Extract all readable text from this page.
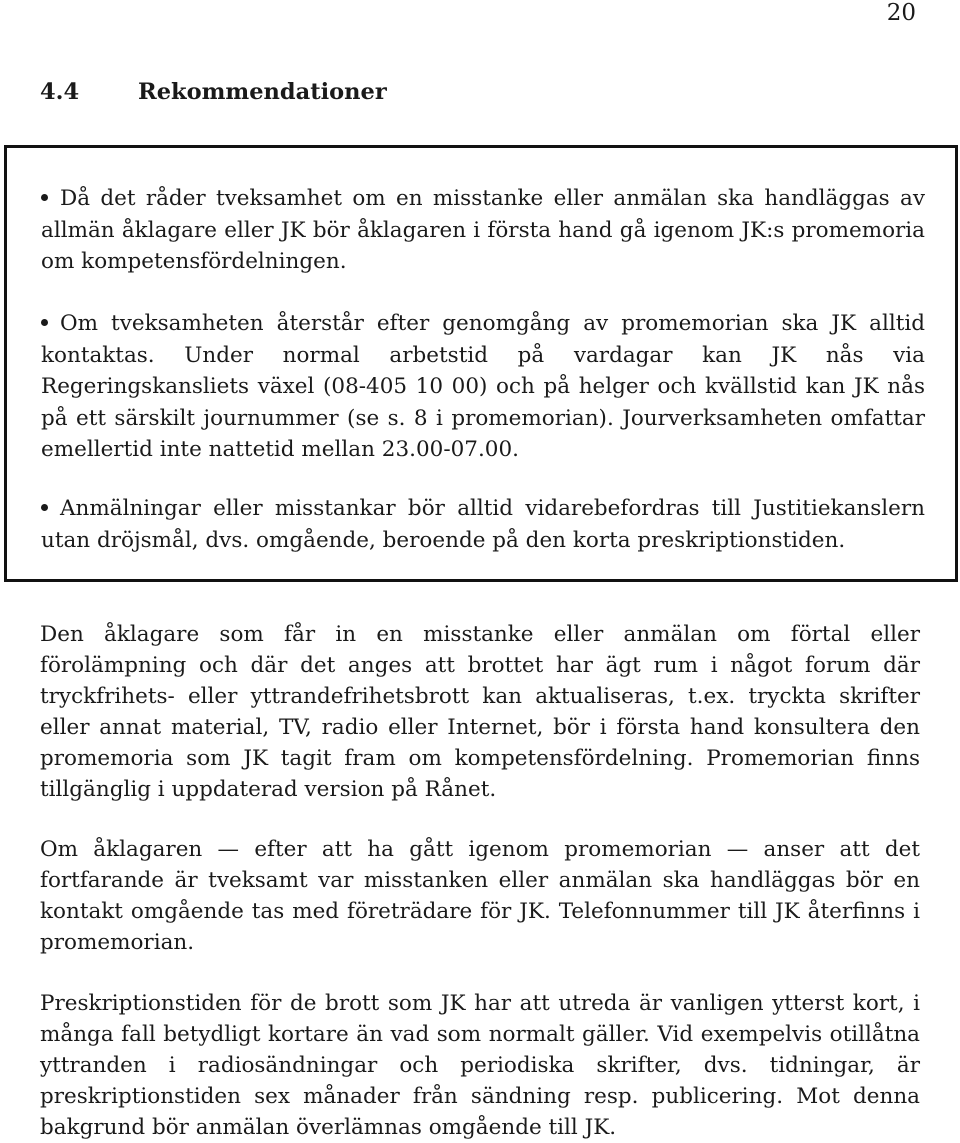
20
4.4	Rekommendationer
Då det råder tveksamhet om en misstanke eller anmälan ska handläggas av allmän åklagare eller JK bör åklagaren i första hand gå igenom JK:s promemoria om kompetensfördelningen.
Om tveksamheten återstår efter genomgång av promemorian ska JK alltid kontaktas. Under normal arbetstid på vardagar kan JK nås via Regeringskansliets växel (08-405 10 00) och på helger och kvällstid kan JK nås på ett särskilt journummer (se s. 8 i promemorian). Jourverksamheten omfattar emellertid inte nattetid mellan 23.00-07.00.
Anmälningar eller misstankar bör alltid vidarebefordras till Justitiekanslern utan dröjsmål, dvs. omgående, beroende på den korta preskriptionstiden.

Den åklagare som får in en misstanke eller anmälan om förtal eller förolämpning och där det anges att brottet har ägt rum i något forum där tryckfrihets- eller yttrandefrihetsbrott kan aktualiseras, t.ex. tryckta skrifter eller annat material, TV, radio eller Internet, bör i första hand konsultera den promemoria som JK tagit fram om kompetensfördelning. Promemorian finns tillgänglig i uppdaterad version på Rånet.

Om åklagaren — efter att ha gått igenom promemorian — anser att det fortfarande är tveksamt var misstanken eller anmälan ska handläggas bör en kontakt omgående tas med företrädare för JK. Telefonnummer till JK återfinns i promemorian.

Preskriptionstiden för de brott som JK har att utreda är vanligen ytterst kort, i många fall betydligt kortare än vad som normalt gäller. Vid exempelvis otillåtna yttranden i radiosändningar och periodiska skrifter, dvs. tidningar, är preskriptionstiden sex månader från sändning resp. publicering. Mot denna bakgrund bör anmälan överlämnas omgående till JK.
